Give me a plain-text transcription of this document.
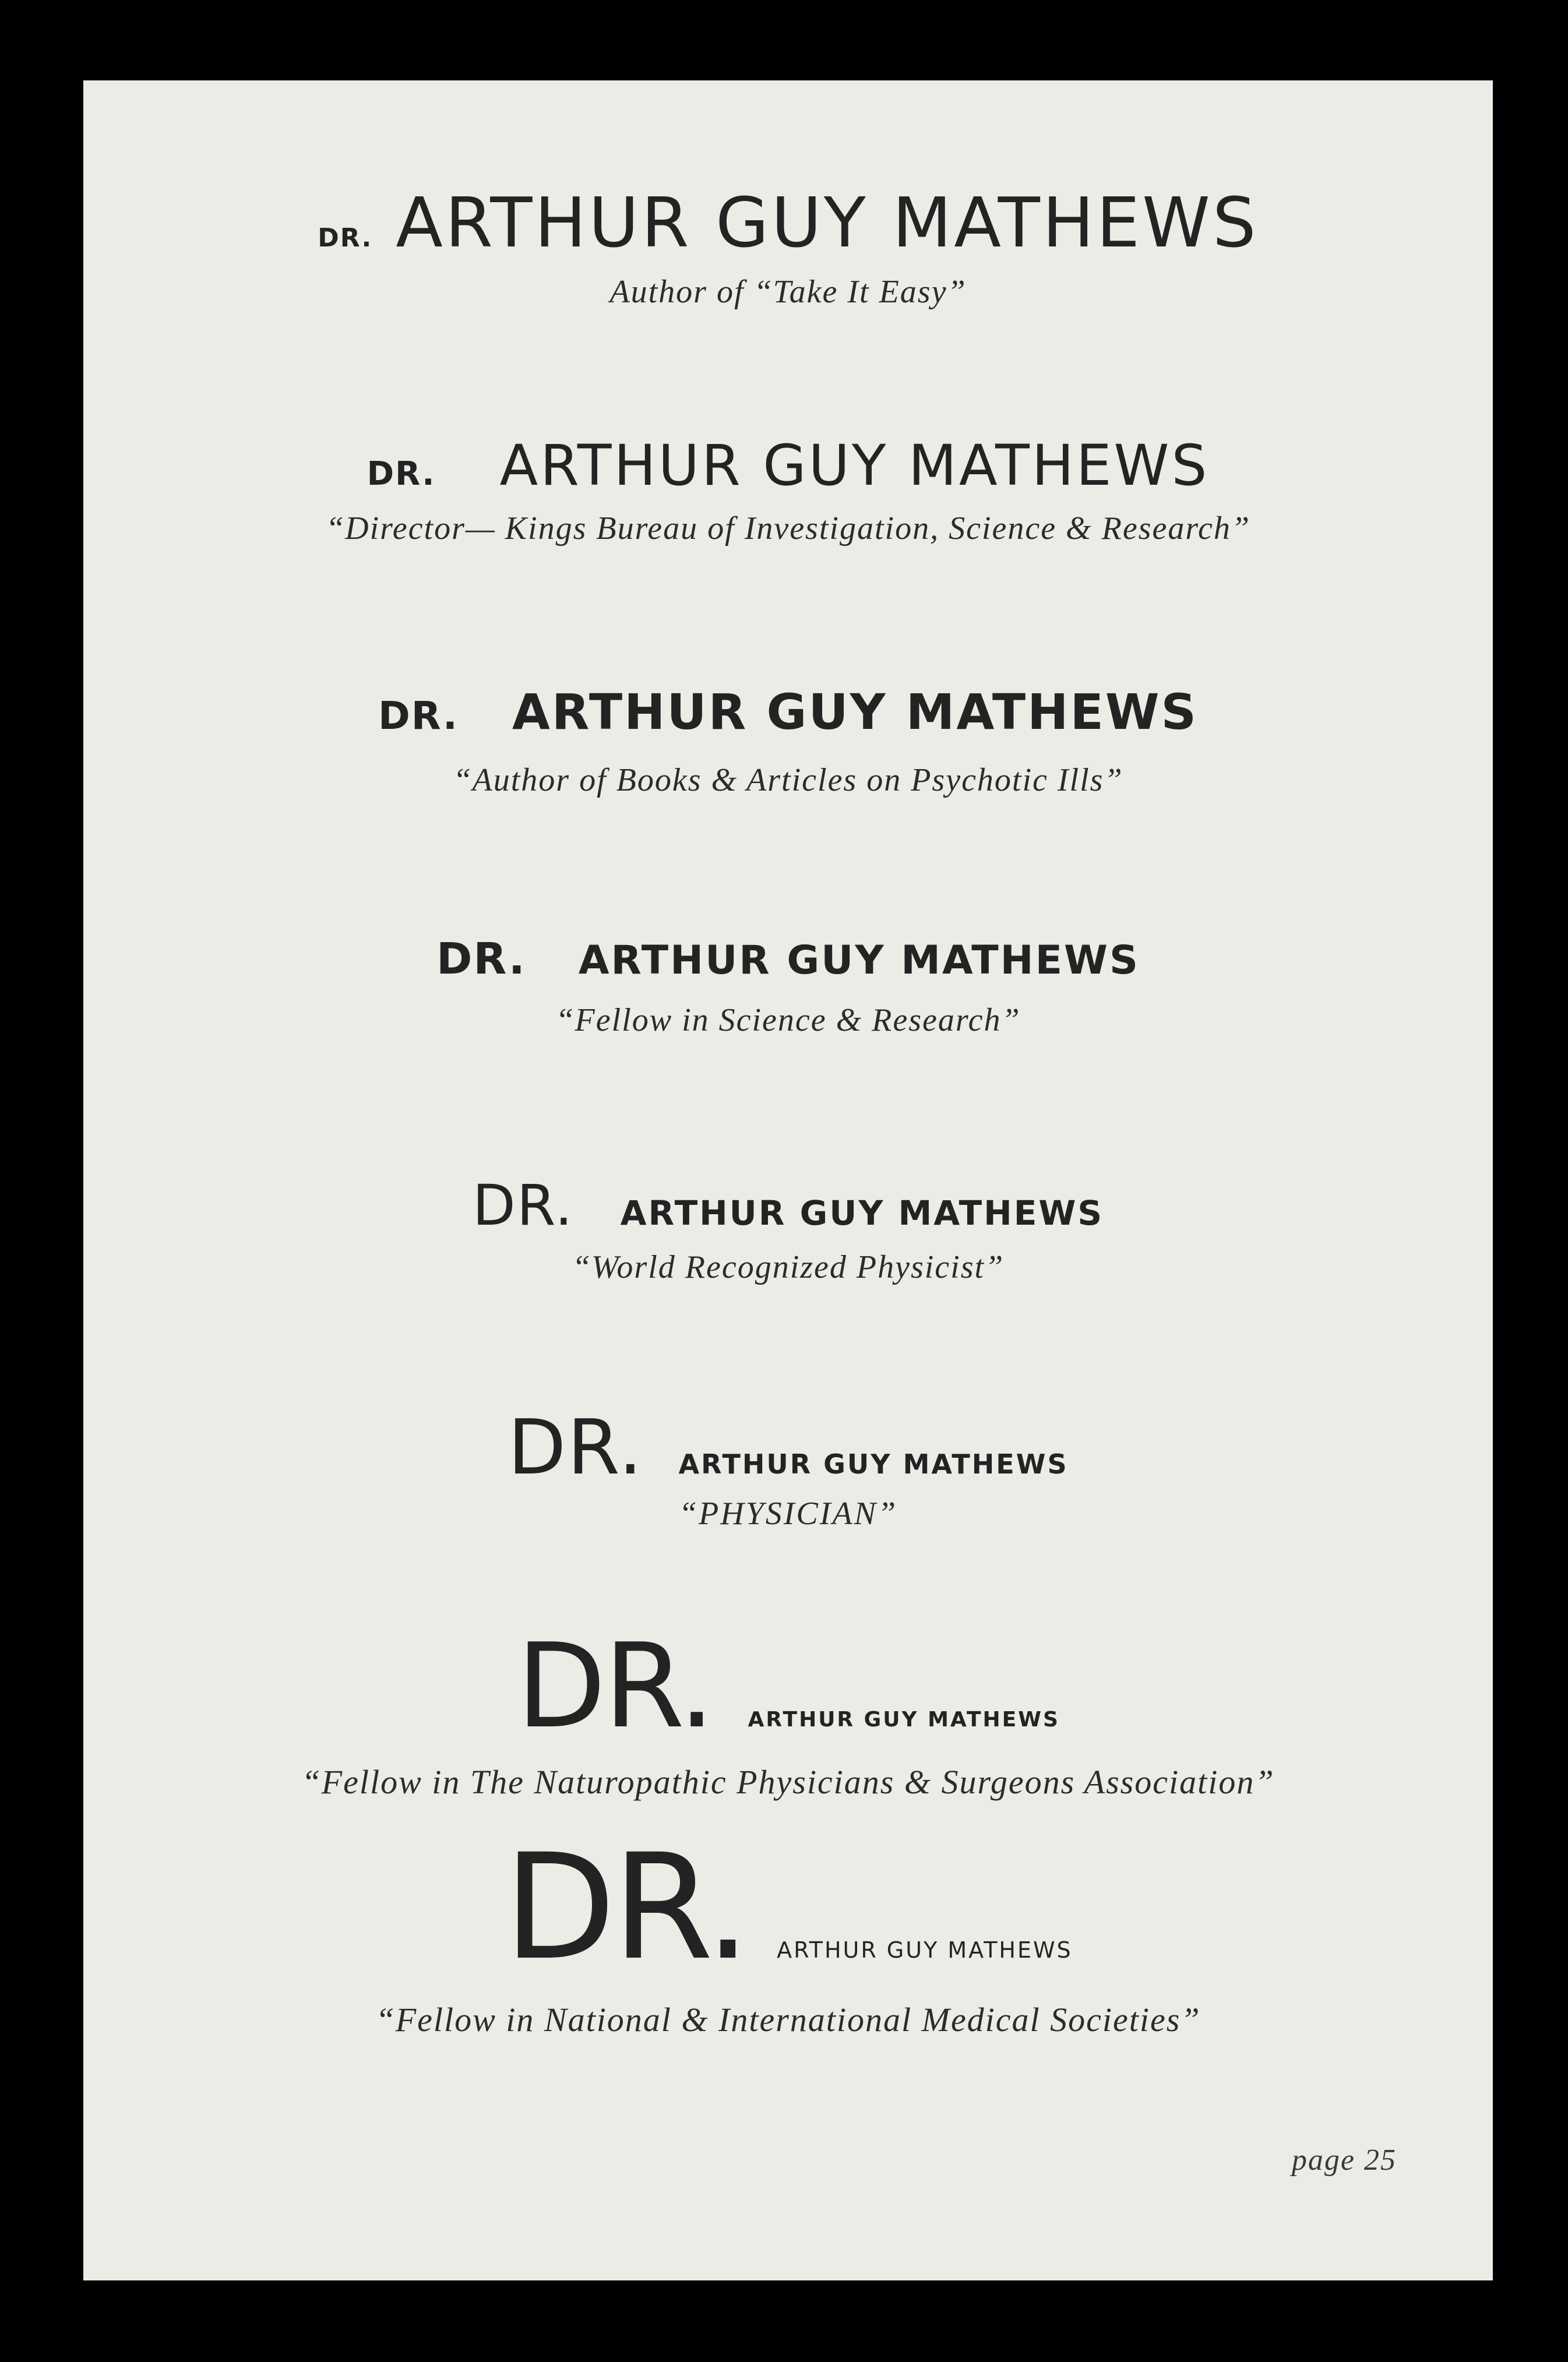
DR. ARTHUR GUY MATHEWS
Author of “Take It Easy”
DR. ARTHUR GUY MATHEWS
“Director— Kings Bureau of Investigation, Science & Research”
DR. ARTHUR GUY MATHEWS
“Author of Books & Articles on Psychotic Ills”
DR. ARTHUR GUY MATHEWS
“Fellow in Science & Research”
DR. ARTHUR GUY MATHEWS
“World Recognized Physicist”
DR. ARTHUR GUY MATHEWS
“PHYSICIAN”
DR. ARTHUR GUY MATHEWS
“Fellow in The Naturopathic Physicians & Surgeons Association”
DR. ARTHUR GUY MATHEWS
“Fellow in National & International Medical Societies”
page 25
